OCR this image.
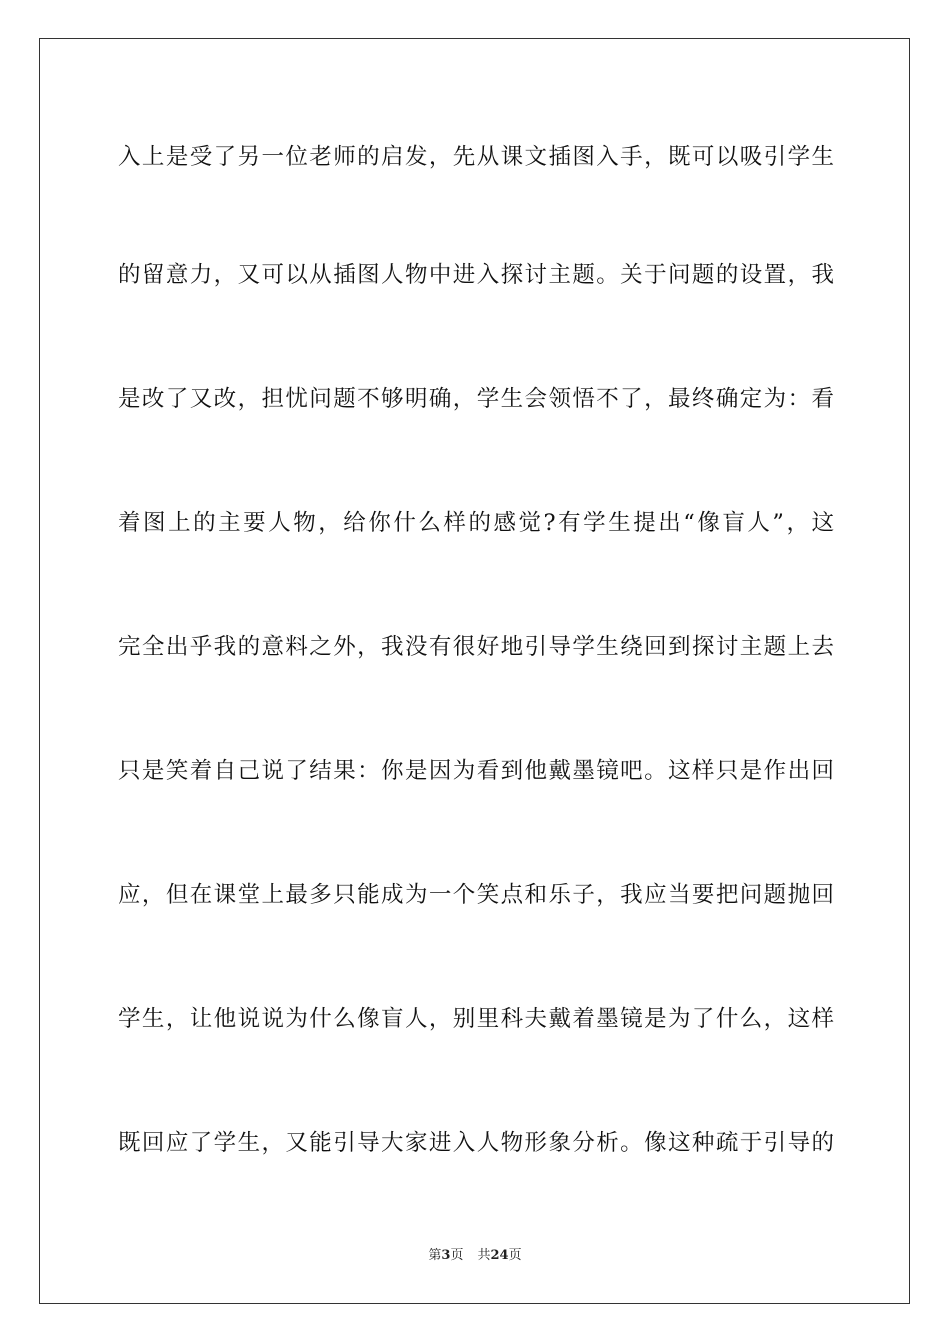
入上是受了另一位老师的启发，先从课文插图入手，既可以吸引学生
的留意力，又可以从插图人物中进入探讨主题。关于问题的设置，我
是改了又改，担忧问题不够明确，学生会领悟不了，最终确定为：看
着图上的主要人物，给你什么样的感觉?有学生提出“像盲人”，这
完全出乎我的意料之外，我没有很好地引导学生绕回到探讨主题上去
只是笑着自己说了结果：你是因为看到他戴墨镜吧。这样只是作出回
应，但在课堂上最多只能成为一个笑点和乐子，我应当要把问题抛回
学生，让他说说为什么像盲人，别里科夫戴着墨镜是为了什么，这样
既回应了学生，又能引导大家进入人物形象分析。像这种疏于引导的
第3页 共24页
